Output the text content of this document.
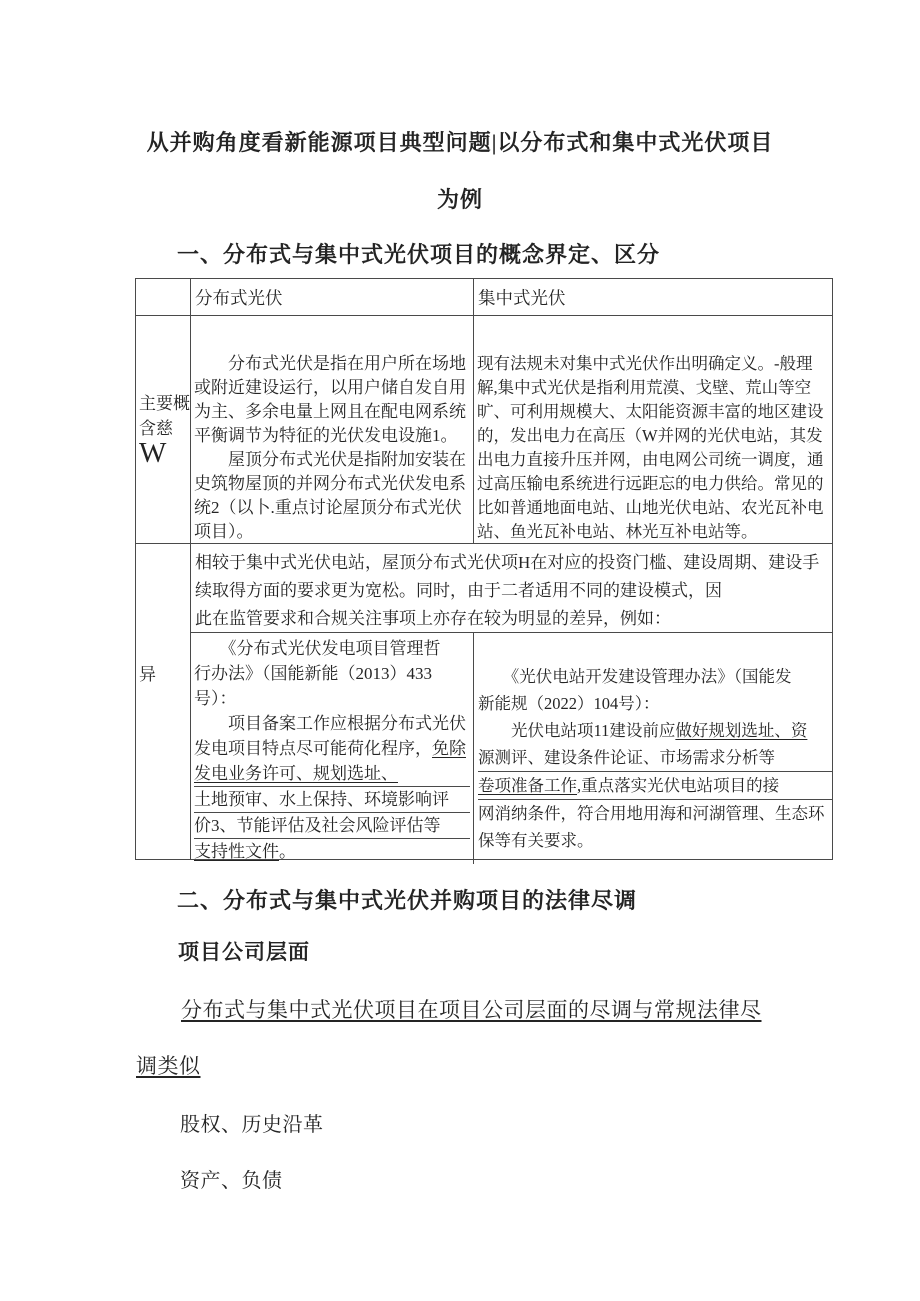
从并购角度看新能源项目典型问题|以分布式和集中式光伏项目
为例
一、分布式与集中式光伏项目的概念界定、区分
分布式光伏	集中式光伏
主要概
含慈W
　　分布式光伏是指在用户所在场地
或附近建设运行，以用户储自发自用
为主、多余电量上网且在配电网系统
平衡调节为特征的光伏发电设施1。
　　屋顶分布式光伏是指附加安装在
史筑物屋顶的并网分布式光伏发电系
统2（以卜.重点讨论屋顶分布式光伏
项目）。
现有法规未对集中式光伏作出明确定义。-般理
解,集中式光伏是指利用荒漠、戈壁、荒山等空
旷、可利用规模大、太阳能资源丰富的地区建设
的，发出电力在高压（W并网的光伏电站，其发
出电力直接升压并网，由电网公司统一调度，通
过高压输电系统进行远距忘的电力供给。常见的
比如普通地面电站、山地光伏电站、农光瓦补电
站、鱼光瓦补电站、林光互补电站等。
异
相较于集中式光伏电站，屋顶分布式光伏项H在对应的投资门槛、建设周期、建设手
续取得方面的要求更为宽松。同时，由于二者适用不同的建设模式，因
此在监管要求和合规关注事项上亦存在较为明显的差异，例如：
　　《分布式光伏发电项目管理哲
行办法》（国能新能（2013）433
号）：
　　项目备案工作应根据分布式光伏
发电项目特点尽可能荷化程序，免除
发电业务许可、规划选址、
土地预审、水上保持、环境影响评
价3、节能评估及社会风险评估等
支持性文件。
　　《光伏电站开发建设管理办法》（国能发
新能规（2022）104号）：
　　光伏电站项11建设前应做好规划选址、资
源测评、建设条件论证、市场需求分析等
卷项准备工作,重点落实光伏电站项目的接
网消纳条件，符合用地用海和河湖管理、生态环
保等有关要求。
二、分布式与集中式光伏并购项目的法律尽调
项目公司层面
分布式与集中式光伏项目在项目公司层面的尽调与常规法律尽
调类似
股权、历史沿革
资产、负债
